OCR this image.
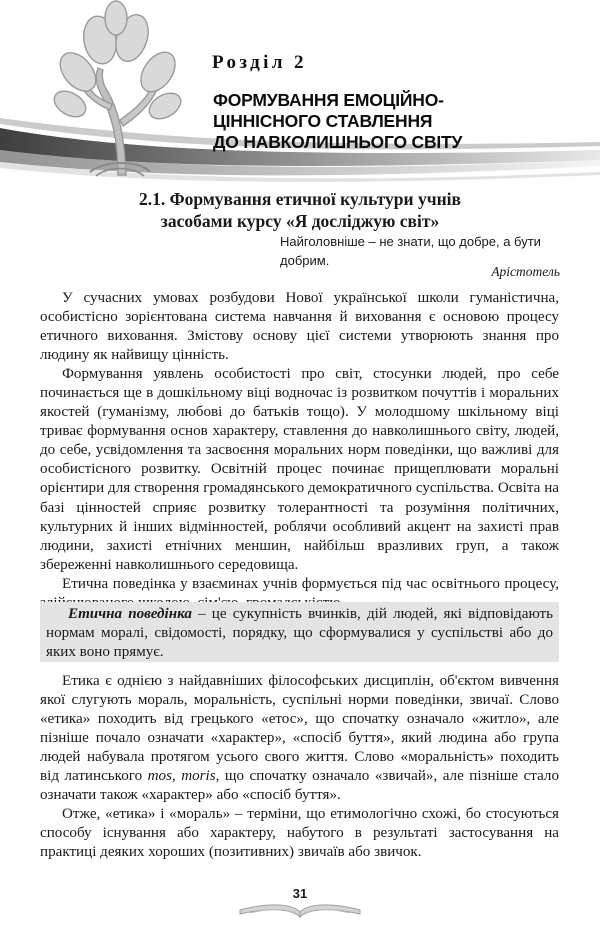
Розділ 2

ФОРМУВАННЯ ЕМОЦІЙНО-
ЦІННІСНОГО СТАВЛЕННЯ
ДО НАВКОЛИШНЬОГО СВІТУ
2.1. Формування етичної культури учнів
засобами курсу «Я досліджую світ»

Найголовніше – не знати, що добре, а бути добрим.

Арістотель

У сучасних умовах розбудови Нової української школи гуманістична, особистісно зорієнтована система навчання й виховання є основою процесу етичного виховання. Змістову основу цієї системи утворюють знання про людину як найвищу цінність.

Формування уявлень особистості про світ, стосунки людей, про себе починається ще в дошкільному віці водночас із розвитком почуттів і моральних якостей (гуманізму, любові до батьків тощо). У молодшому шкільному віці триває формування основ характеру, ставлення до навколишнього світу, людей, до себе, усвідомлення та засвоєння моральних норм поведінки, що важливі для особистісного розвитку. Освітній процес починає прищеплювати моральні орієнтири для створення громадянського демократичного суспільства. Освіта на базі цінностей сприяє розвитку толерантності та розуміння політичних, культурних й інших відмінностей, роблячи особливий акцент на захисті прав людини, захисті етнічних меншин, найбільш вразливих груп, а також збереженні навколишнього середовища.

Етична поведінка у взаєминах учнів формується під час освітнього процесу,

Етична поведінка – це сукупність вчинків, дій людей, які відповідають нормам моралі, свідомості, порядку, що сформувалися у суспільстві або до яких воно прямує.

Етика є однією з найдавніших філософських дисциплін, об'єктом вивчення якої слугують мораль, моральність, суспільні норми поведінки, звичаї. Слово «етика» походить від грецького «етос», що спочатку означало «житло», але пізніше почало означати «характер», «спосіб буття», який людина або група людей набувала протягом усього свого життя. Слово «моральність» походить від латинського mos, moris, що спочатку означало «звичай», але пізніше стало означати також «характер» або «спосіб буття».

Отже, «етика» і «мораль» – терміни, що етимологічно схожі, бо стосуються способу існування або характеру, набутого в результаті застосування на практиці деяких хороших (позитивних) звичаїв або звичок.

31
